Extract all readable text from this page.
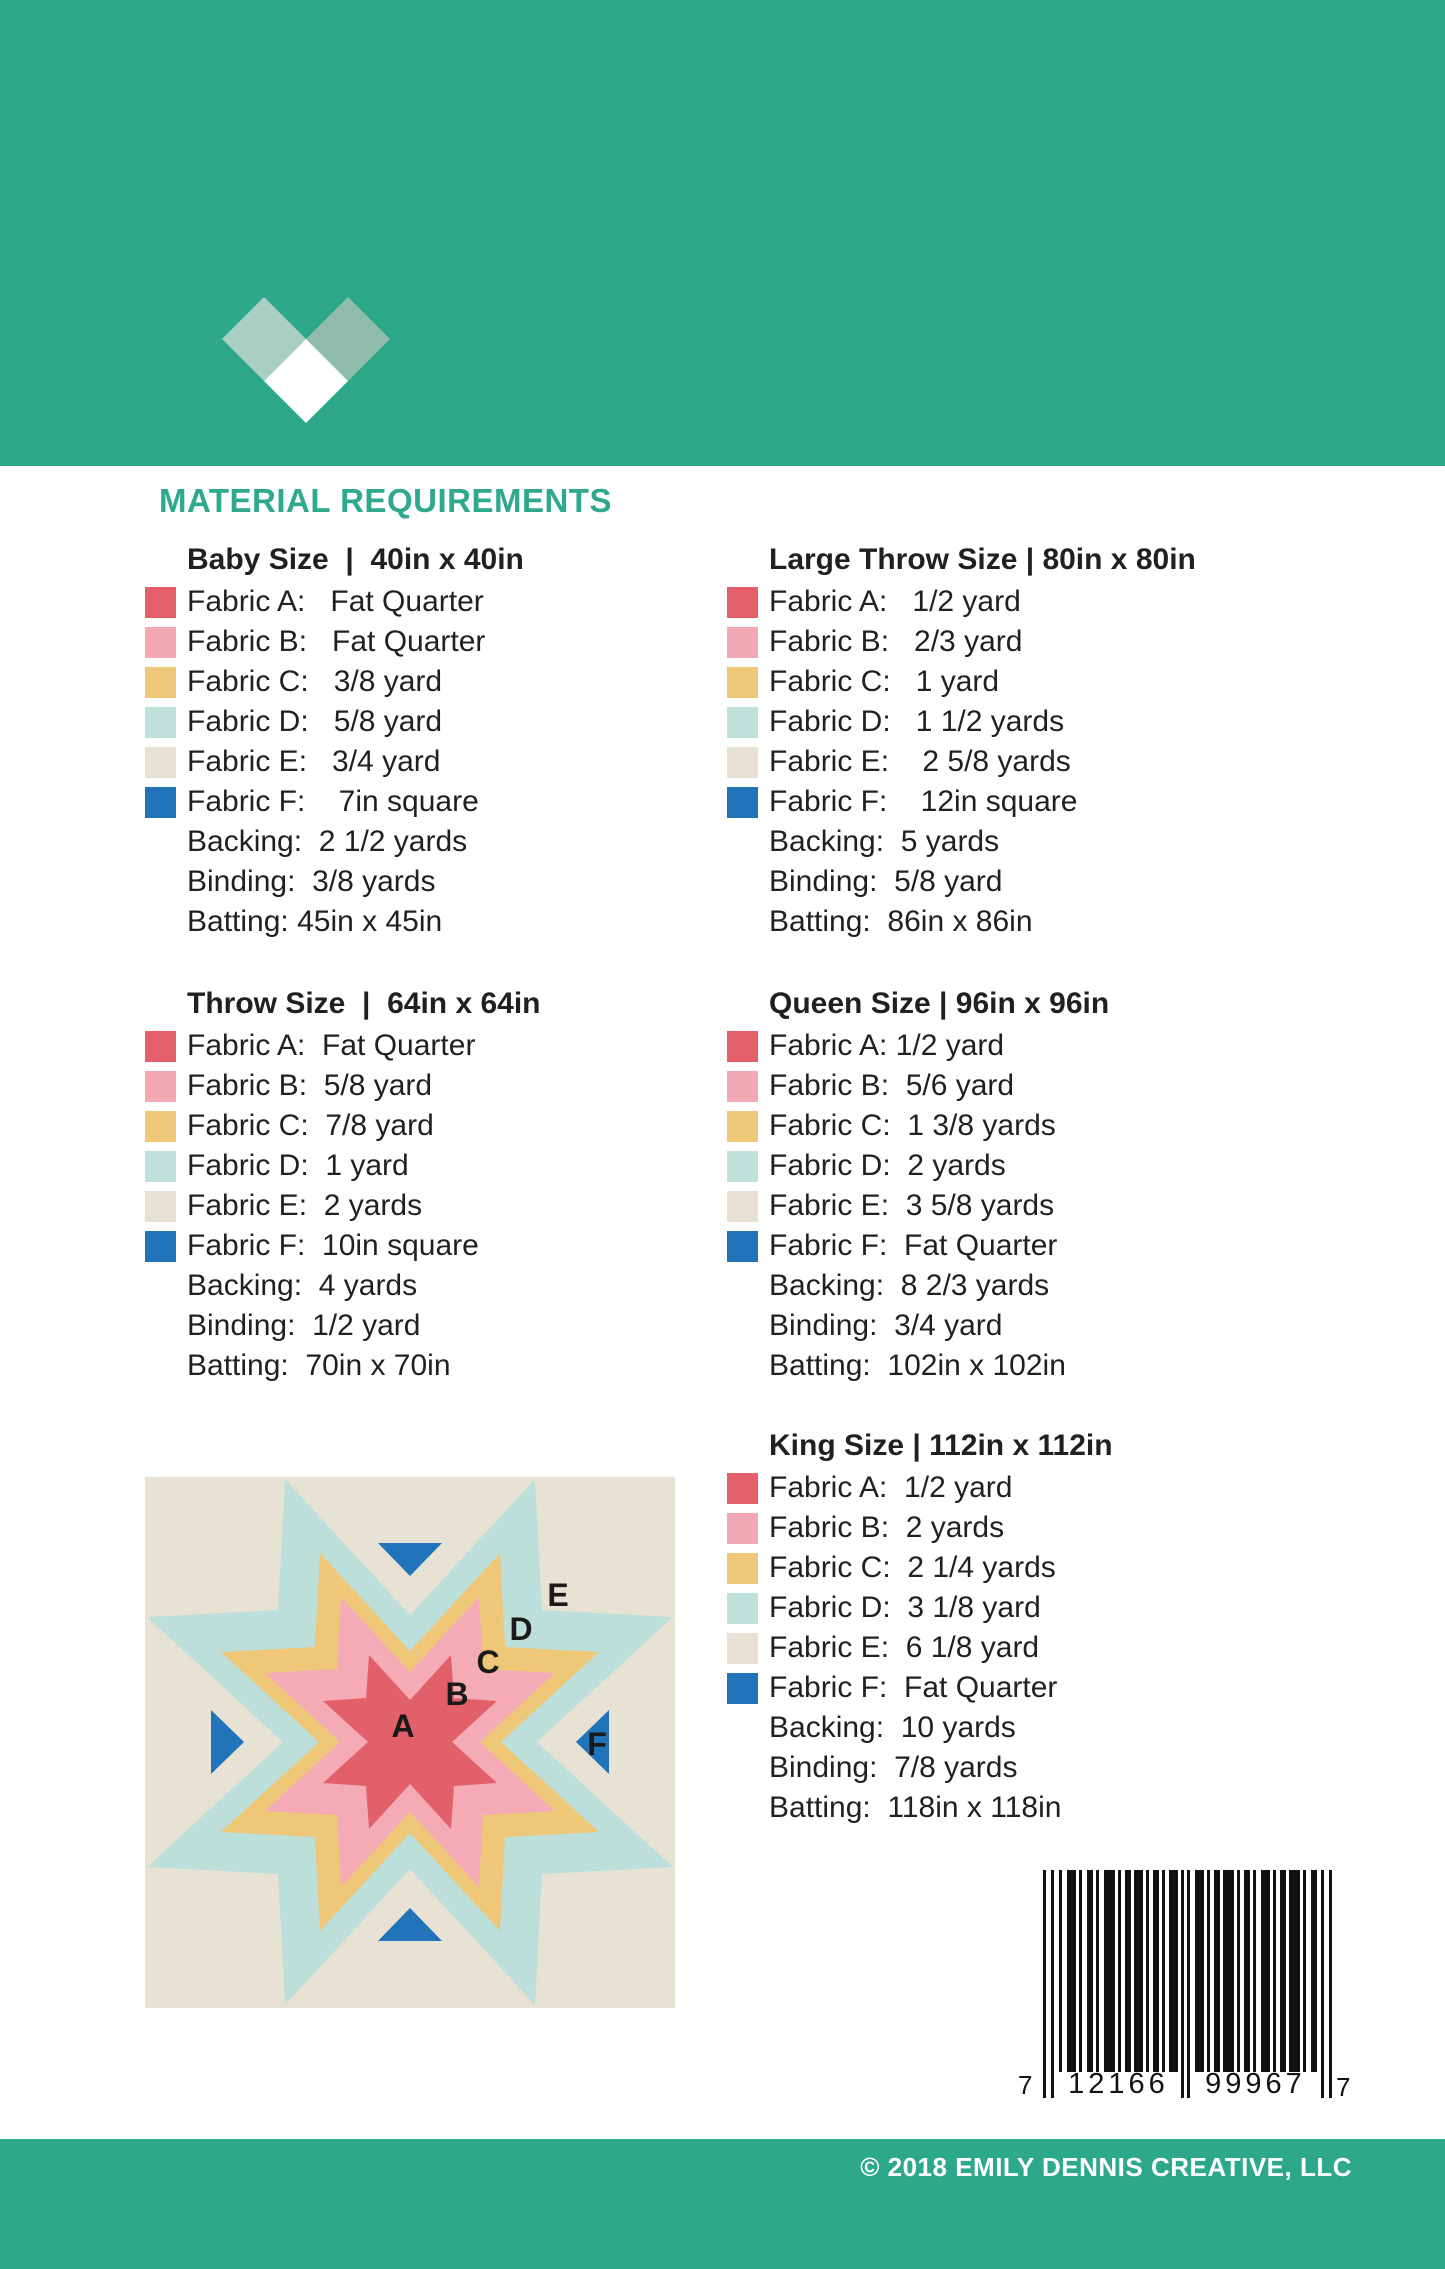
MATERIAL REQUIREMENTS
Baby Size  |  40in x 40in
Fabric A:   Fat Quarter
Fabric B:   Fat Quarter
Fabric C:   3/8 yard
Fabric D:   5/8 yard
Fabric E:   3/4 yard
Fabric F:    7in square
Backing:  2 1/2 yards
Binding:  3/8 yards
Batting: 45in x 45in
Large Throw Size | 80in x 80in
Fabric A:   1/2 yard
Fabric B:   2/3 yard
Fabric C:   1 yard
Fabric D:   1 1/2 yards
Fabric E:    2 5/8 yards
Fabric F:    12in square
Backing:  5 yards
Binding:  5/8 yard
Batting:  86in x 86in
Throw Size  |  64in x 64in
Fabric A:  Fat Quarter
Fabric B:  5/8 yard
Fabric C:  7/8 yard
Fabric D:  1 yard
Fabric E:  2 yards
Fabric F:  10in square
Backing:  4 yards
Binding:  1/2 yard
Batting:  70in x 70in
Queen Size | 96in x 96in
Fabric A: 1/2 yard
Fabric B:  5/6 yard
Fabric C:  1 3/8 yards
Fabric D:  2 yards
Fabric E:  3 5/8 yards
Fabric F:  Fat Quarter
Backing:  8 2/3 yards
Binding:  3/4 yard
Batting:  102in x 102in
King Size | 112in x 112in
Fabric A:  1/2 yard
Fabric B:  2 yards
Fabric C:  2 1/4 yards
Fabric D:  3 1/8 yard
Fabric E:  6 1/8 yard
Fabric F:  Fat Quarter
Backing:  10 yards
Binding:  7/8 yards
Batting:  118in x 118in
A
B
C
D
E
F
7	12166	99967	7
© 2018 EMILY DENNIS CREATIVE, LLC
